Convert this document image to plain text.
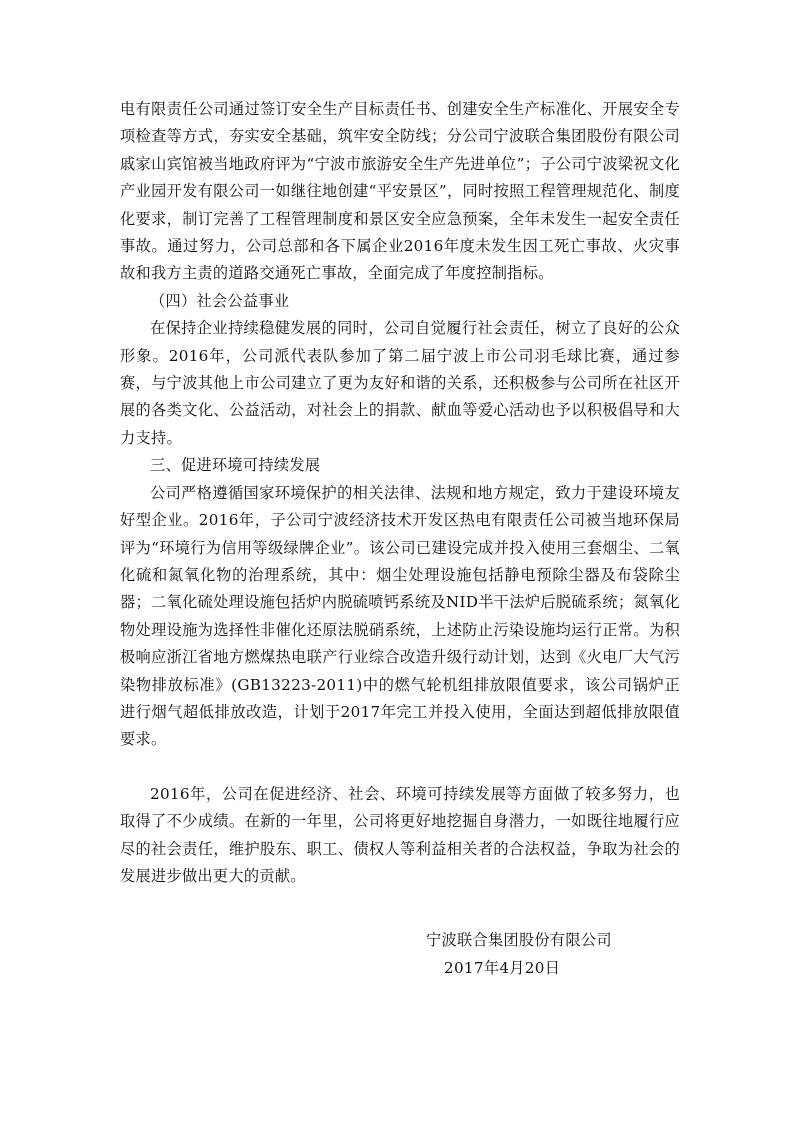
电有限责任公司通过签订安全生产目标责任书、创建安全生产标准化、开展安全专项检查等方式，夯实安全基础，筑牢安全防线；分公司宁波联合集团股份有限公司戚家山宾馆被当地政府评为“宁波市旅游安全生产先进单位”；子公司宁波梁祝文化产业园开发有限公司一如继往地创建“平安景区”，同时按照工程管理规范化、制度化要求，制订完善了工程管理制度和景区安全应急预案，全年未发生一起安全责任事故。通过努力，公司总部和各下属企业2016年度未发生因工死亡事故、火灾事故和我方主责的道路交通死亡事故，全面完成了年度控制指标。

（四）社会公益事业

在保持企业持续稳健发展的同时，公司自觉履行社会责任，树立了良好的公众形象。2016年，公司派代表队参加了第二届宁波上市公司羽毛球比赛，通过参赛，与宁波其他上市公司建立了更为友好和谐的关系，还积极参与公司所在社区开展的各类文化、公益活动，对社会上的捐款、献血等爱心活动也予以积极倡导和大力支持。

三、促进环境可持续发展

公司严格遵循国家环境保护的相关法律、法规和地方规定，致力于建设环境友好型企业。2016年，子公司宁波经济技术开发区热电有限责任公司被当地环保局评为“环境行为信用等级绿牌企业”。该公司已建设完成并投入使用三套烟尘、二氧化硫和氮氧化物的治理系统，其中：烟尘处理设施包括静电预除尘器及布袋除尘器；二氧化硫处理设施包括炉内脱硫喷钙系统及NID半干法炉后脱硫系统；氮氧化物处理设施为选择性非催化还原法脱硝系统，上述防止污染设施均运行正常。为积极响应浙江省地方燃煤热电联产行业综合改造升级行动计划，达到《火电厂大气污染物排放标准》(GB13223-2011)中的燃气轮机组排放限值要求，该公司锅炉正进行烟气超低排放改造，计划于2017年完工并投入使用，全面达到超低排放限值要求。

2016年，公司在促进经济、社会、环境可持续发展等方面做了较多努力，也取得了不少成绩。在新的一年里，公司将更好地挖掘自身潜力，一如既往地履行应尽的社会责任，维护股东、职工、债权人等利益相关者的合法权益，争取为社会的发展进步做出更大的贡献。

宁波联合集团股份有限公司
2017年4月20日
